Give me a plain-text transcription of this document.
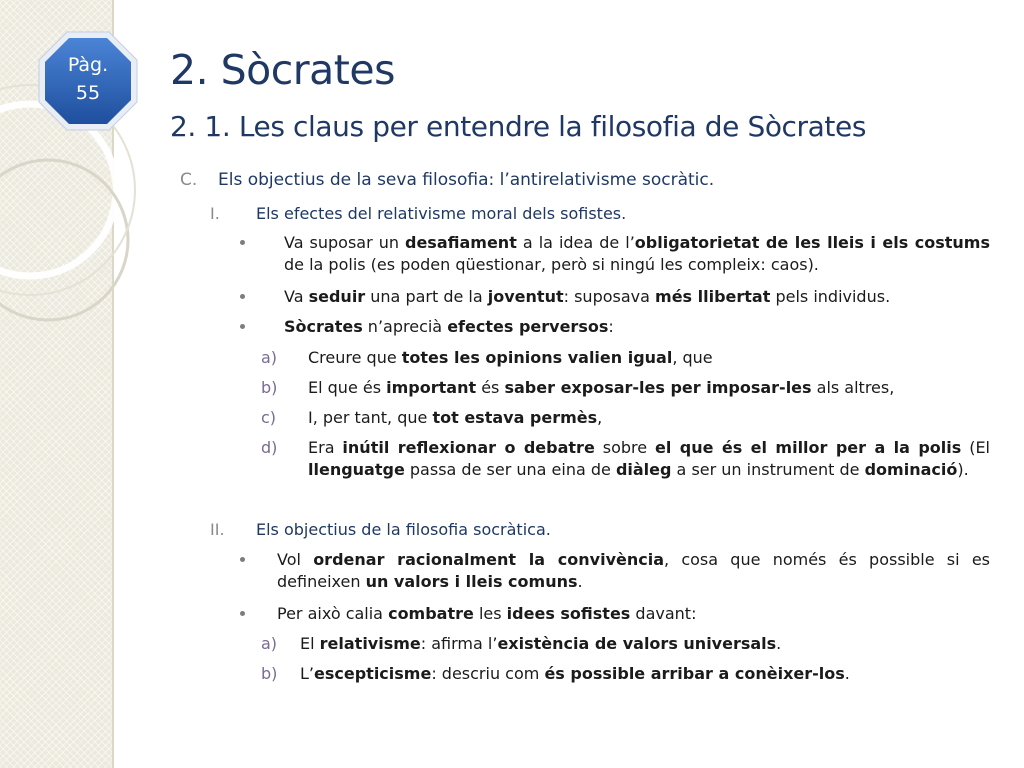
Pàg.
55	2. Sòcrates
2. 1. Les claus per entendre la filosofia de Sòcrates
C. Els objectius de la seva filosofia: l’antirelativisme socràtic.
I. Els efectes del relativisme moral dels sofistes.
Va suposar un desafiament a la idea de l’obligatorietat de les lleis i els costums de la polis (es poden qüestionar, però si ningú les compleix: caos).
Va seduir una part de la joventut: suposava més llibertat pels individus.
Sòcrates n’aprecià efectes perversos:
a) Creure que totes les opinions valien igual, que
b) El que és important és saber exposar-les per imposar-les als altres,
c) I, per tant, que tot estava permès,
d) Era inútil reflexionar o debatre sobre el que és el millor per a la polis (El llenguatge passa de ser una eina de diàleg a ser un instrument de dominació).
II. Els objectius de la filosofia socràtica.
Vol ordenar racionalment la convivència, cosa que només és possible si es defineixen un valors i lleis comuns.
Per això calia combatre les idees sofistes davant:
a) El relativisme: afirma l’existència de valors universals.
b) L’escepticisme: descriu com és possible arribar a conèixer-los.
